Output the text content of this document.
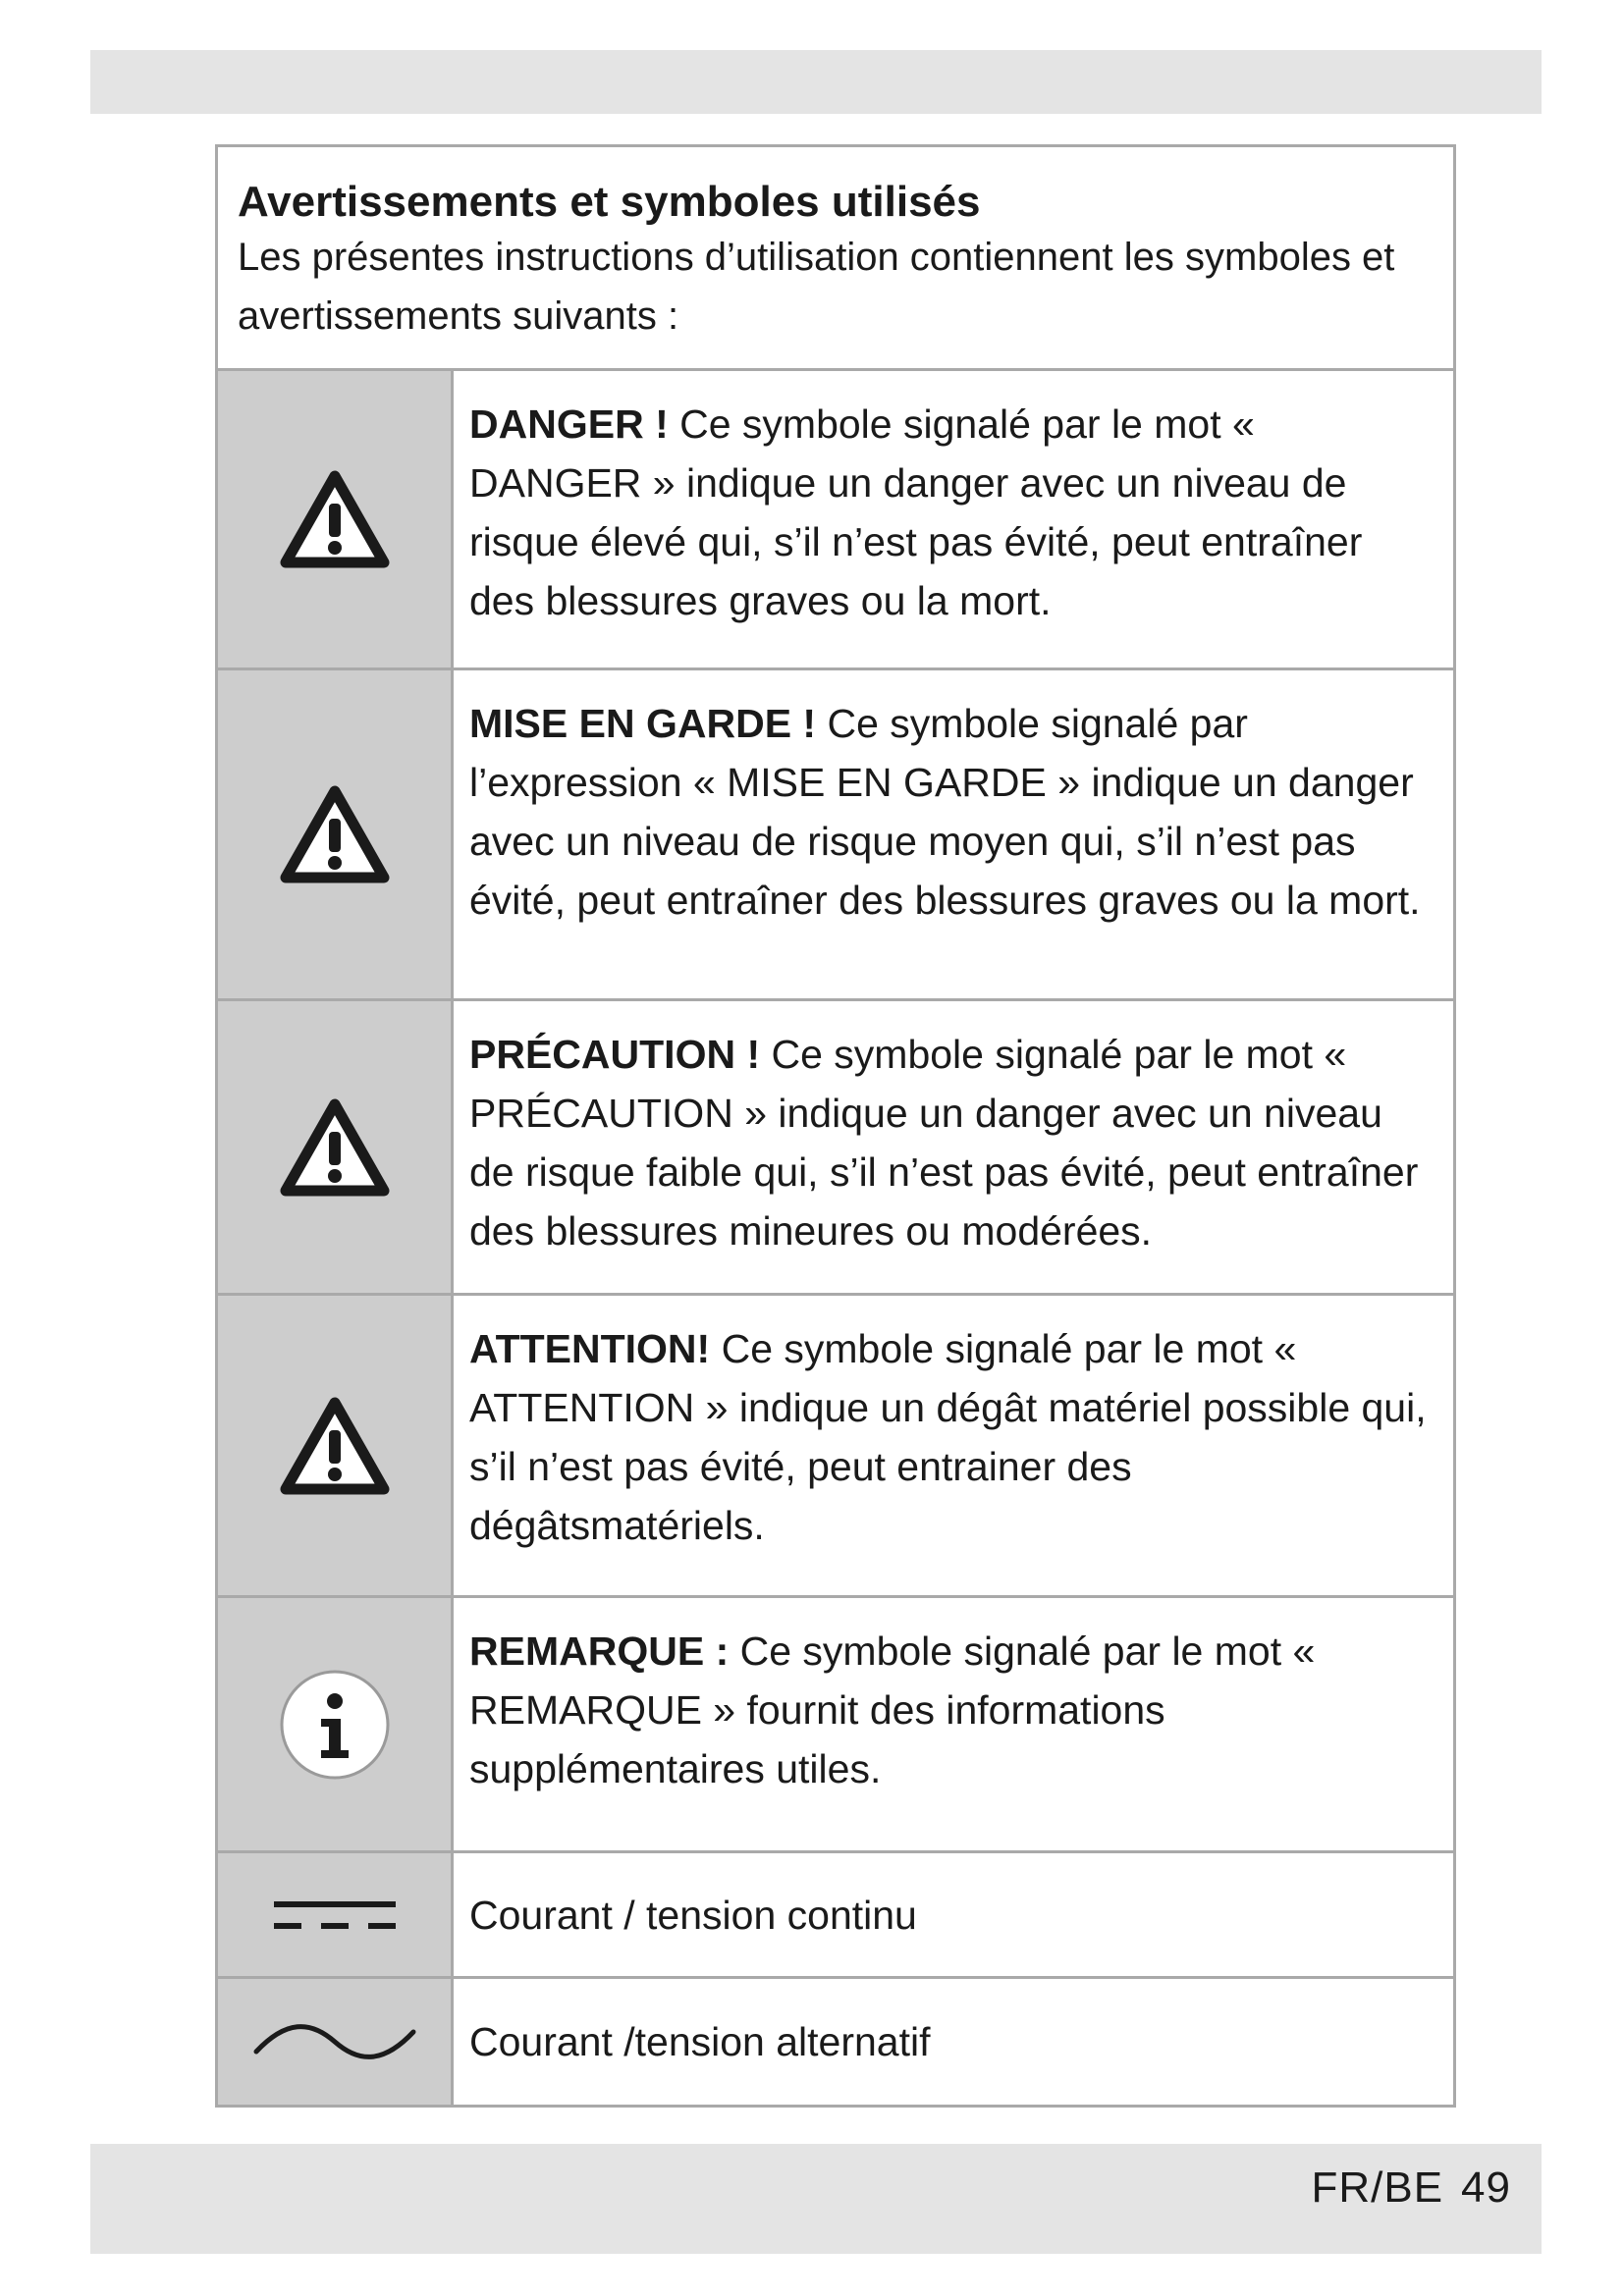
Avertissements et symboles utilisés

Les présentes instructions d’utilisation contiennent les symboles et

avertissements suivants :

DANGER ! Ce symbole signalé par le mot « DANGER » indique un danger avec un niveau de risque élevé qui, s’il n’est pas évité, peut entraîner des blessures graves ou la mort.
MISE EN GARDE ! Ce symbole signalé par l’expression « MISE EN GARDE » indique un danger avec un niveau de risque moyen qui, s’il n’est pas évité, peut entraîner des blessures graves ou la mort.
PRÉCAUTION ! Ce symbole signalé par le mot « PRÉCAUTION » indique un danger avec un niveau de risque faible qui, s’il n’est pas évité, peut entraîner des blessures mineures ou modérées.
ATTENTION! Ce symbole signalé par le mot « ATTENTION » indique un dégât matériel possible qui, s’il n’est pas évité, peut entrainer des dégâtsmatériels.
REMARQUE : Ce symbole signalé par le mot « REMARQUE » fournit des informations supplémentaires utiles.
Courant / tension continu
Courant /tension alternatif
FR/BE 49
